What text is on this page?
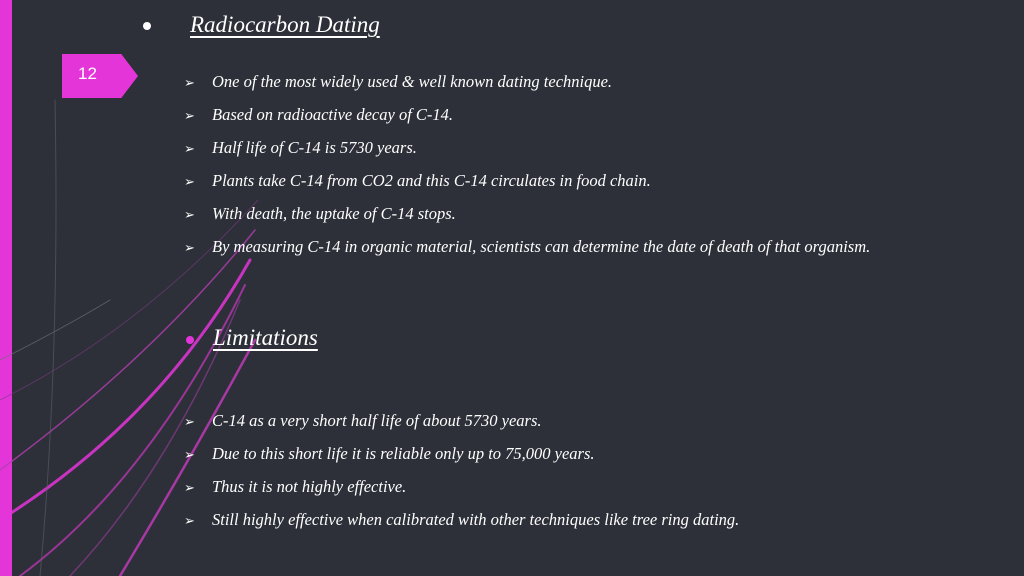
12
Radiocarbon Dating
➢ One of the most widely used & well known dating technique.
➢ Based on radioactive decay of C-14.
➢ Half life of C-14 is 5730 years.
➢ Plants take C-14 from CO2 and this C-14 circulates in food chain.
➢ With death, the uptake of C-14 stops.
➢ By measuring C-14 in organic material, scientists can determine the date of death of that organism.
Limitations
➢ C-14 as a very short half life of about 5730 years.
➢ Due to this short life it is reliable only up to 75,000 years.
➢ Thus it is not highly effective.
➢ Still highly effective when calibrated with other techniques like tree ring dating.
